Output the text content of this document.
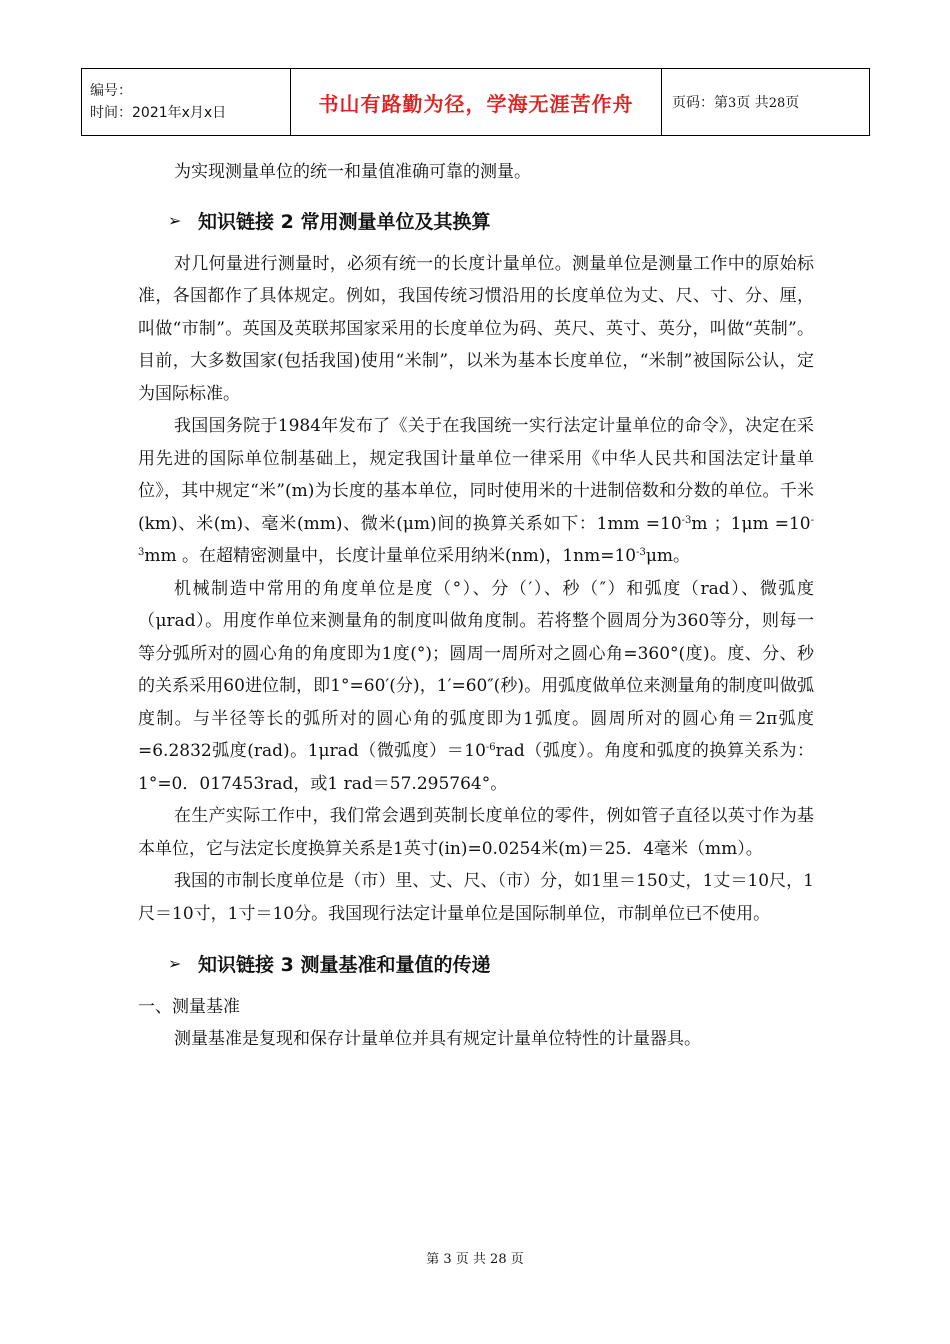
编号：
时间：2021年x月x日	书山有路勤为径，学海无涯苦作舟	页码：第3页 共28页

为实现测量单位的统一和量值准确可靠的测量。

➢ 知识链接 2 常用测量单位及其换算

对几何量进行测量时，必须有统一的长度计量单位。测量单位是测量工作中的原始标准，各国都作了具体规定。例如，我国传统习惯沿用的长度单位为丈、尺、寸、分、厘，叫做“市制”。英国及英联邦国家采用的长度单位为码、英尺、英寸、英分，叫做“英制”。目前，大多数国家(包括我国)使用“米制”，以米为基本长度单位，“米制”被国际公认，定为国际标准。

我国国务院于1984年发布了《关于在我国统一实行法定计量单位的命令》，决定在采用先进的国际单位制基础上，规定我国计量单位一律采用《中华人民共和国法定计量单位》，其中规定“米”(m)为长度的基本单位，同时使用米的十进制倍数和分数的单位。千米(km)、米(m)、毫米(mm)、微米(μm)间的换算关系如下：$1mm =10^{-3}m$ ；$1\mu m =10^{-3}mm$ 。在超精密测量中，长度计量单位采用纳米(nm)，$1nm=10^{-3}\mu m$。

机械制造中常用的角度单位是度（°）、分（′）、秒（″）和弧度（rad）、微弧度（μrad）。用度作单位来测量角的制度叫做角度制。若将整个圆周分为360等分，则每一等分弧所对的圆心角的角度即为1度(°)；圆周一周所对之圆心角=360°(度)。度、分、秒的关系采用60进位制，即1°=60′(分)，1′=60″(秒)。用弧度做单位来测量角的制度叫做弧度制。与半径等长的弧所对的圆心角的弧度即为1弧度。圆周所对的圆心角＝2π弧度=6.2832弧度(rad)。1μrad（微弧度）$=10^{-6}rad$（弧度）。角度和弧度的换算关系为：1°=0．017453rad，或1 rad＝57.295764°。

在生产实际工作中，我们常会遇到英制长度单位的零件，例如管子直径以英寸作为基本单位，它与法定长度换算关系是1英寸(in)=0.0254米(m)＝25．4毫米（mm）。

我国的市制长度单位是（市）里、丈、尺、（市）分，如1里＝150丈，1丈＝10尺，1尺＝10寸，1寸＝10分。我国现行法定计量单位是国际制单位，市制单位已不使用。

➢ 知识链接 3 测量基准和量值的传递

一、测量基准

测量基准是复现和保存计量单位并具有规定计量单位特性的计量器具。

第 3 页 共 28 页
